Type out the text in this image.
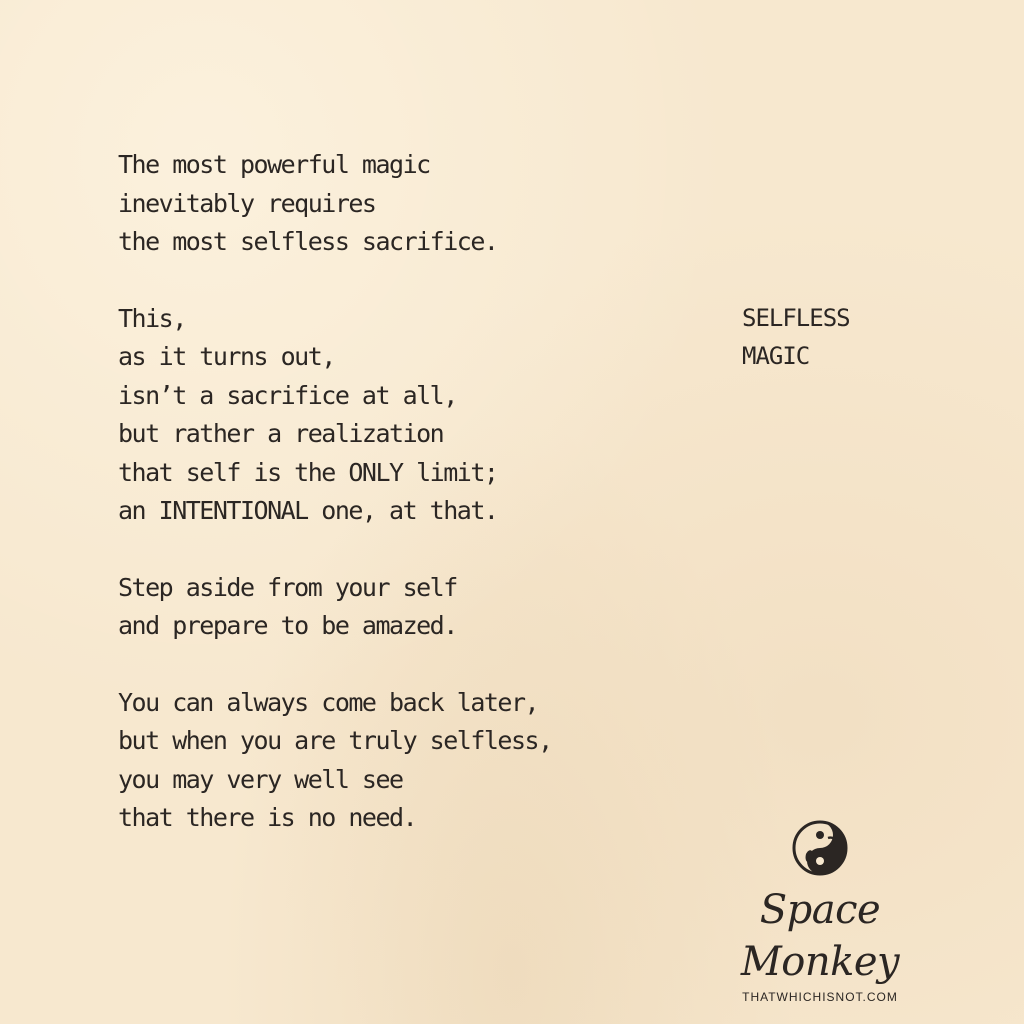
The most powerful magic
inevitably requires
the most selfless sacrifice.
This,
as it turns out,
isn’t a sacrifice at all,
but rather a realization
that self is the ONLY limit;
an INTENTIONAL one, at that.
Step aside from your self
and prepare to be amazed.
You can always come back later,
but when you are truly selfless,
you may very well see
that there is no need.
SELFLESS
MAGIC
Space Monkey
THATWHICHISNOT.COM
